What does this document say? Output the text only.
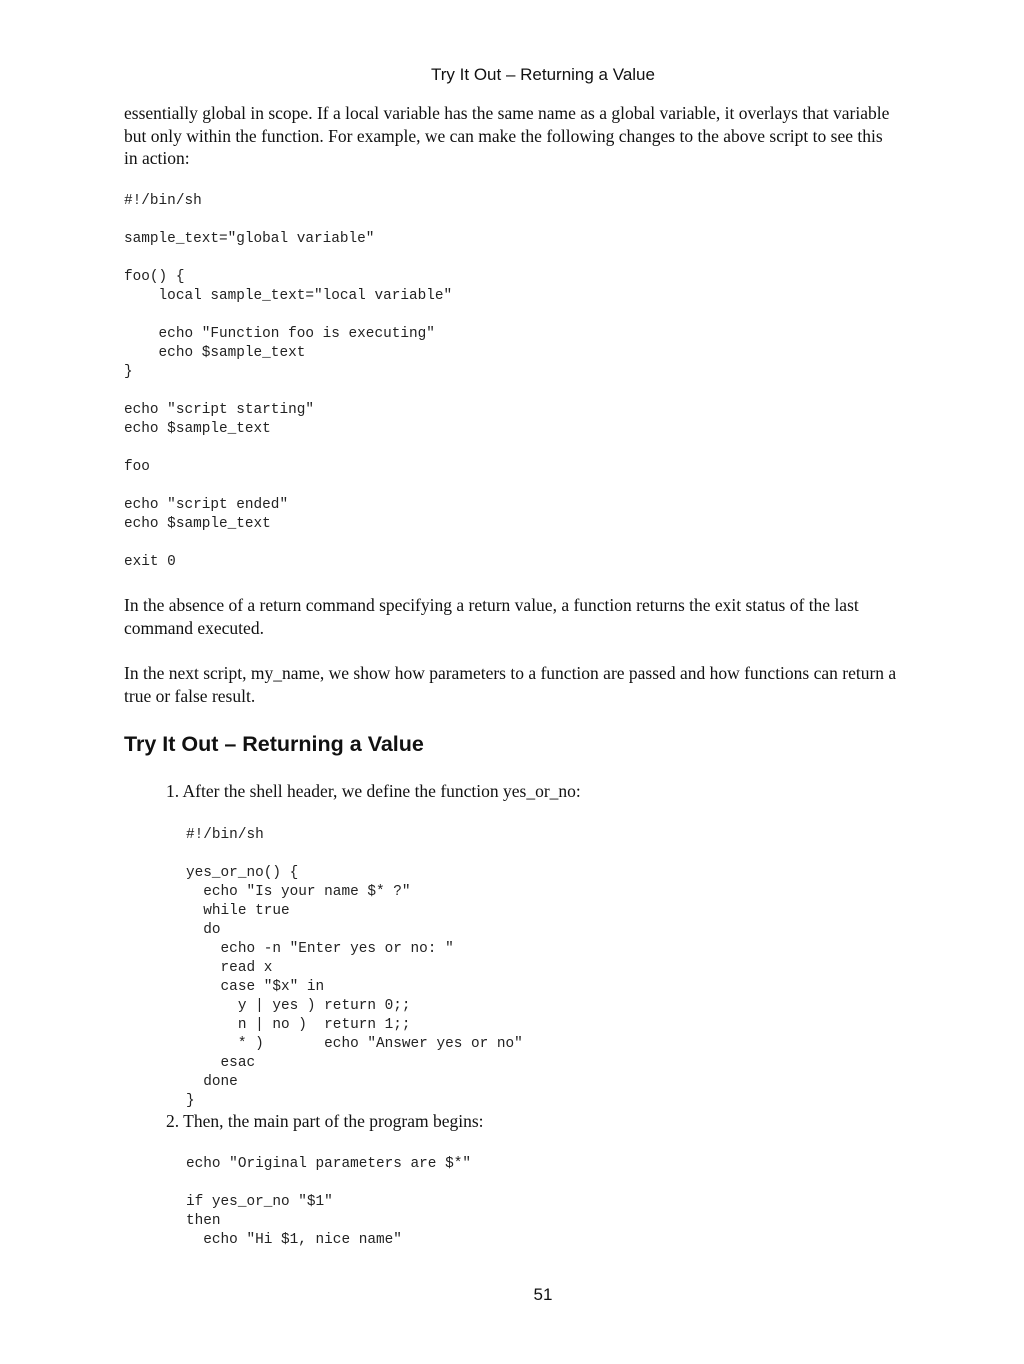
Try It Out – Returning a Value
essentially global in scope. If a local variable has the same name as a global variable, it overlays that variable
but only within the function. For example, we can make the following changes to the above script to see this
in action:
#!/bin/sh
sample_text="global variable"
foo() {
local sample_text="local variable"
echo "Function foo is executing"
echo $sample_text
}
echo "script starting"
echo $sample_text
foo
echo "script ended"
echo $sample_text
exit 0
In the absence of a return command specifying a return value, a function returns the exit status of the last
command executed.
In the next script, my_name, we show how parameters to a function are passed and how functions can return a
true or false result.
Try It Out – Returning a Value
1. After the shell header, we define the function yes_or_no:
#!/bin/sh
yes_or_no() {
echo "Is your name $* ?"
while true
do
echo -n "Enter yes or no: "
read x
case "$x" in
y | yes ) return 0;;
n | no )  return 1;;
* )       echo "Answer yes or no"
esac
done
}
2. Then, the main part of the program begins:
echo "Original parameters are $*"
if yes_or_no "$1"
then
echo "Hi $1, nice name"
51
